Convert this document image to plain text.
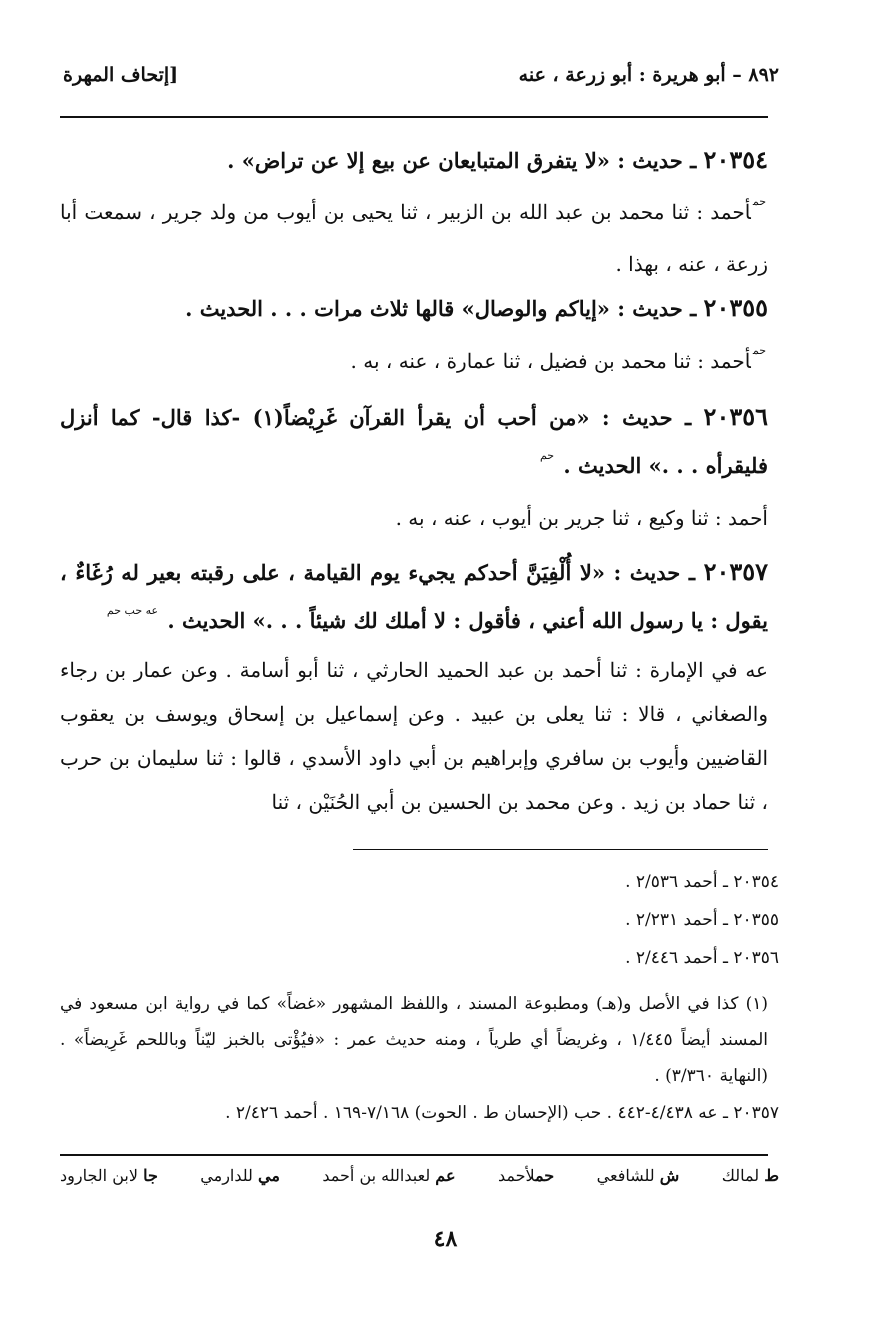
٨٩٢ – أبو هريرة : أبو زرعة ، عنه
[إتحاف المهرة
٢٠٣٥٤ ـ حديث : «لا يتفرق المتبايعان عن بيع إلا عن تراض» .
$^{حم}$أحمد : ثنا محمد بن عبد الله بن الزبير ، ثنا يحيى بن أيوب من ولد جرير ، سمعت أبا زرعة ، عنه ، بهذا .
٢٠٣٥٥ ـ حديث : «إياكم والوصال» قالها ثلاث مرات . . . الحديث .
$^{حم}$أحمد : ثنا محمد بن فضيل ، ثنا عمارة ، عنه ، به .
٢٠٣٥٦ ـ حديث : «من أحب أن يقرأ القرآن غَرِيْضاً(١) -كذا قال- كما أنزل فليقرأه . . .» الحديث . $^{حم}$
أحمد : ثنا وكيع ، ثنا جرير بن أيوب ، عنه ، به .
٢٠٣٥٧ ـ حديث : «لا أُلْفِيَنَّ أحدكم يجيء يوم القيامة ، على رقبته بعير له رُغَاءٌ ، يقول : يا رسول الله أعني ، فأقول : لا أملك لك شيئاً . . .» الحديث . $^{عه حب حم}$
عه في الإمارة : ثنا أحمد بن عبد الحميد الحارثي ، ثنا أبو أسامة . وعن عمار بن رجاء والصغاني ، قالا : ثنا يعلى بن عبيد . وعن إسماعيل بن إسحاق ويوسف بن يعقوب القاضيين وأيوب بن سافري وإبراهيم بن أبي داود الأسدي ، قالوا : ثنا سليمان بن حرب ، ثنا حماد بن زيد . وعن محمد بن الحسين بن أبي الحُنَيْن ، ثنا
٢٠٣٥٤ ـ أحمد ٢/٥٣٦ .
٢٠٣٥٥ ـ أحمد ٢/٢٣١ .
٢٠٣٥٦ ـ أحمد ٢/٤٤٦ .
(١) كذا في الأصل و(هـ) ومطبوعة المسند ، واللفظ المشهور «غضاً» كما في رواية ابن مسعود في المسند أيضاً ١/٤٤٥ ، وغريضاً أي طرياً ، ومنه حديث عمر : «فيُؤْتى بالخبز ليّناً وباللحم غَرِيضاً» . (النهاية ٣/٣٦٠) .
٢٠٣٥٧ ـ عه ٤/٤٣٨-٤٤٢ . حب (الإحسان ط . الحوت) ٧/١٦٨-١٦٩ . أحمد ٢/٤٢٦ .
ط لمالك
ش للشافعي
حملأحمد
عم لعبدالله بن أحمد
مي للدارمي
جا لابن الجارود
٤٨
